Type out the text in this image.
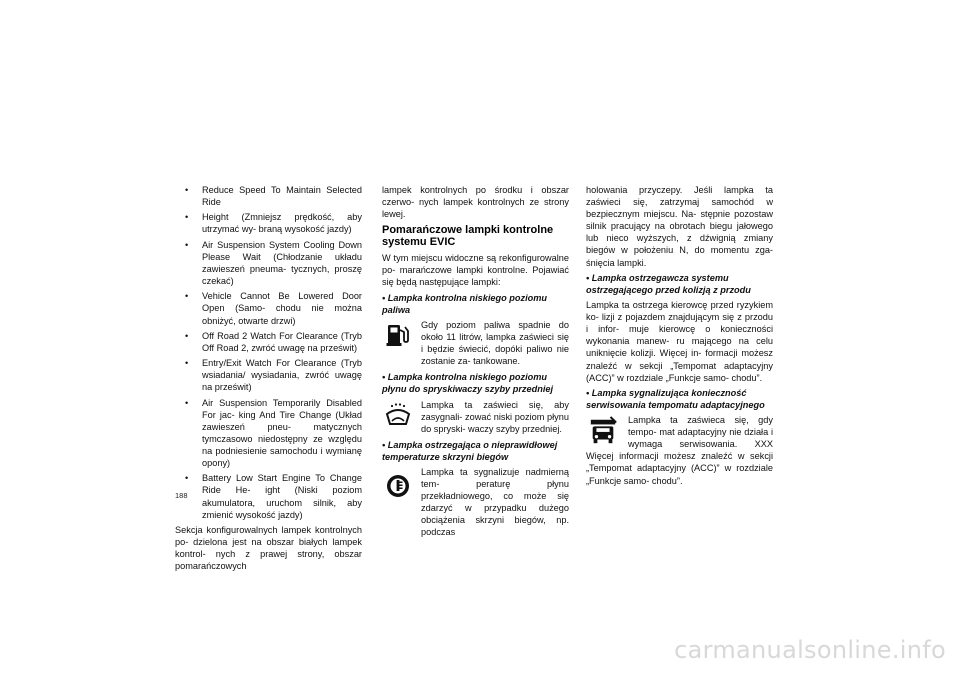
• Reduce Speed To Maintain Selected Ride
• Height (Zmniejsz prędkość, aby utrzymać wy- braną wysokość jazdy)
• Air Suspension System Cooling Down Please Wait (Chłodzanie układu zawieszeń pneuma- tycznych, proszę czekać)
• Vehicle Cannot Be Lowered Door Open (Samo- chodu nie można obniżyć, otwarte drzwi)
• Off Road 2 Watch For Clearance (Tryb Off Road 2, zwróć uwagę na prześwit)
• Entry/Exit Watch For Clearance (Tryb wsiadania/ wysiadania, zwróć uwagę na prześwit)
• Air Suspension Temporarily Disabled For jac- king And Tire Change (Układ zawieszeń pneu- matycznych tymczasowo niedostępny ze względu na podniesienie samochodu i wymianę opony)
• Battery Low Start Engine To Change Ride He- ight (Niski poziom akumulatora, uruchom silnik, aby zmienić wysokość jazdy)

Sekcja konfigurowalnych lampek kontrolnych po- dzielona jest na obszar białych lampek kontrol- nych z prawej strony, obszar pomarańczowych

lampek kontrolnych po środku i obszar czerwo- nych lampek kontrolnych ze strony lewej.

Pomarańczowe lampki kontrolne systemu EVIC

W tym miejscu widoczne są rekonfigurowalne po- marańczowe lampki kontrolne. Pojawiać się będą następujące lampki:

• Lampka kontrolna niskiego poziomu paliwa
Gdy poziom paliwa spadnie do około 11 litrów, lampka zaświeci się i będzie świecić, dopóki paliwo nie zostanie za- tankowane.
• Lampka kontrolna niskiego poziomu płynu do spryskiwaczy szyby przedniej
Lampka ta zaświeci się, aby zasygnali- zować niski poziom płynu do spryski- waczy szyby przedniej.
• Lampka ostrzegająca o nieprawidłowej temperaturze skrzyni biegów
Lampka ta sygnalizuje nadmierną tem- peraturę płynu przekładniowego, co może się zdarzyć w przypadku dużego obciążenia skrzyni biegów, np. podczas

holowania przyczepy. Jeśli lampka ta zaświeci się, zatrzymaj samochód w bezpiecznym miejscu. Na- stępnie pozostaw silnik pracujący na obrotach biegu jałowego lub nieco wyższych, z dźwignią zmiany biegów w położeniu N, do momentu zga- śnięcia lampki.

• Lampka ostrzegawcza systemu ostrzegającego przed kolizją z przodu

Lampka ta ostrzega kierowcę przed ryzykiem ko- lizji z pojazdem znajdującym się z przodu i infor- muje kierowcę o konieczności wykonania manew- ru mającego na celu uniknięcie kolizji. Więcej in- formacji możesz znaleźć w sekcji „Tempomat adaptacyjny (ACC)” w rozdziale „Funkcje samo- chodu”.

• Lampka sygnalizująca konieczność serwisowania tempomatu adaptacyjnego

Lampka ta zaświeca się, gdy tempo- mat adaptacyjny nie działa i wymaga serwisowania. XXX Więcej informacji możesz znaleźć w sekcji „Tempomat adaptacyjny (ACC)” w rozdziale „Funkcje samo- chodu”.

188
carmanualsonline.info
